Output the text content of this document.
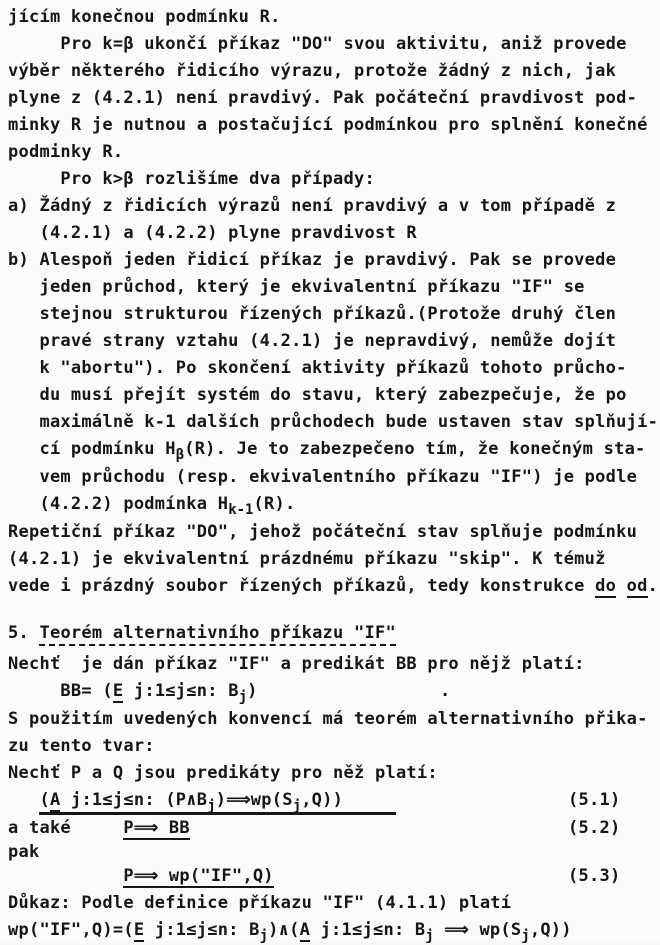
jícím konečnou podmínku R.
Pro k=β ukončí příkaz "DO" svou aktivitu, aniž provede
výběr některého řidicího výrazu, protože žádný z nich, jak
plyne z (4.2.1) není pravdivý. Pak počáteční pravdivost pod-
minky R je nutnou a postačující podmínkou pro splnění konečné
podminky R.
Pro k>β rozlišíme dva případy:
a) Žádný z řidicích výrazů není pravdivý a v tom případě z
(4.2.1) a (4.2.2) plyne pravdivost R
b) Alespoň jeden řidicí příkaz je pravdivý. Pak se provede
jeden průchod, který je ekvivalentní příkazu "IF" se
stejnou strukturou řízených příkazů.(Protože druhý člen
pravé strany vztahu (4.2.1) je nepravdivý, nemůže dojít
k "abortu"). Po skončení aktivity příkazů tohoto průcho-
du musí přejít systém do stavu, který zabezpečuje, že po
maximálně k-1 dalších průchodech bude ustaven stav splňují-
cí podmínku $H_\beta(R)$. Je to zabezpečeno tím, že konečným sta-
vem průchodu (resp. ekvivalentního příkazu "IF") je podle
(4.2.2) podmínka $H_{k-1}(R)$.
Repetiční příkaz "DO", jehož počáteční stav splňuje podmínku
(4.2.1) je ekvivalentní prázdnému příkazu "skip". K témuž
vede i prázdný soubor řízených příkazů, tedy konstrukce do od.
5. Teorém alternativního příkazu "IF"
Nechť  je dán příkaz "IF" a predikát BB pro nějž platí:
BB= (E j:1≤j≤n: $B_j$)	.
S použitím uvedených konvencí má teorém alternativního přika-
zu tento tvar:
Nechť P a Q jsou predikáty pro něž platí:
(A j:1≤j≤n: $(P\wedge B_j)⟹wp(S_j,Q)$)	(5.1)
a také     P⟹ BB	(5.2)
pak
P⟹ wp("IF",Q)	(5.3)
Důkaz: Podle definice příkazu "IF" (4.1.1) platí
wp("IF",Q)=(E j:1≤j≤n: $B_j)\wedge(A$ j:1≤j≤n: $B_j$ ⟹ $wp(S_j,Q)$)
